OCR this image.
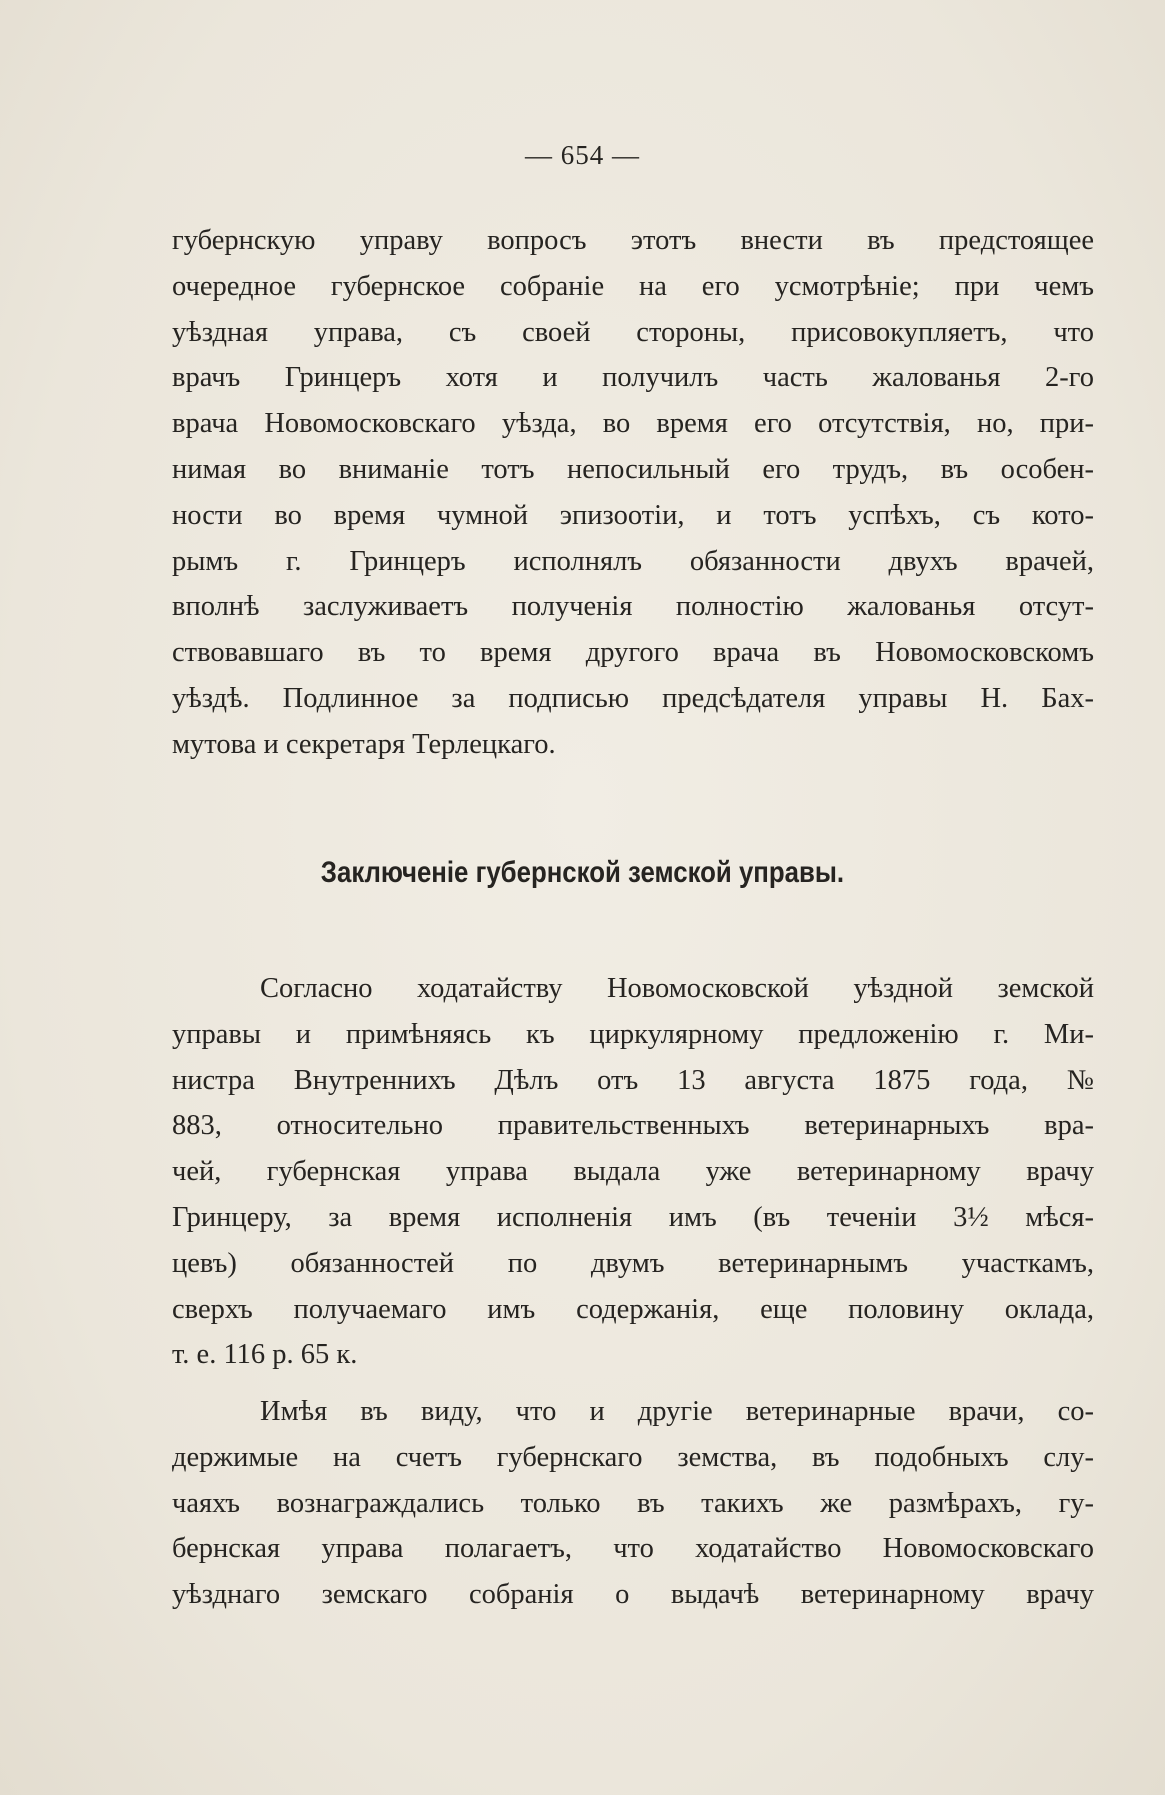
— 654 —
губернскую управу вопросъ этотъ внести въ предстоящее
очередное губернское собраніе на его усмотрѣніе; при чемъ
уѣздная управа, съ своей стороны, присовокупляетъ, что
врачъ Гринцеръ хотя и получилъ часть жалованья 2-го
врача Новомосковскаго уѣзда, во время его отсутствія, но, при-
нимая во вниманіе тотъ непосильный его трудъ, въ особен-
ности во время чумной эпизоотіи, и тотъ успѣхъ, съ кото-
рымъ г. Гринцеръ исполнялъ обязанности двухъ врачей,
вполнѣ заслуживаетъ полученія полностію жалованья отсут-
ствовавшаго въ то время другого врача въ Новомосковскомъ
уѣздѣ. Подлинное за подписью предсѣдателя управы Н. Бах-
мутова и секретаря Терлецкаго.
Заключеніе губернской земской управы.
Согласно ходатайству Новомосковской уѣздной земской
управы и примѣняясь къ циркулярному предложенію г. Ми-
нистра Внутреннихъ Дѣлъ отъ 13 августа 1875 года, №
883, относительно правительственныхъ ветеринарныхъ вра-
чей, губернская управа выдала уже ветеринарному врачу
Гринцеру, за время исполненія имъ (въ теченіи 3½ мѣся-
цевъ) обязанностей по двумъ ветеринарнымъ участкамъ,
сверхъ получаемаго имъ содержанія, еще половину оклада,
т. е. 116 р. 65 к.
Имѣя въ виду, что и другіе ветеринарные врачи, со-
держимые на счетъ губернскаго земства, въ подобныхъ слу-
чаяхъ вознаграждались только въ такихъ же размѣрахъ, гу-
бернская управа полагаетъ, что ходатайство Новомосковскаго
уѣзднаго земскаго собранія о выдачѣ ветеринарному врачу
